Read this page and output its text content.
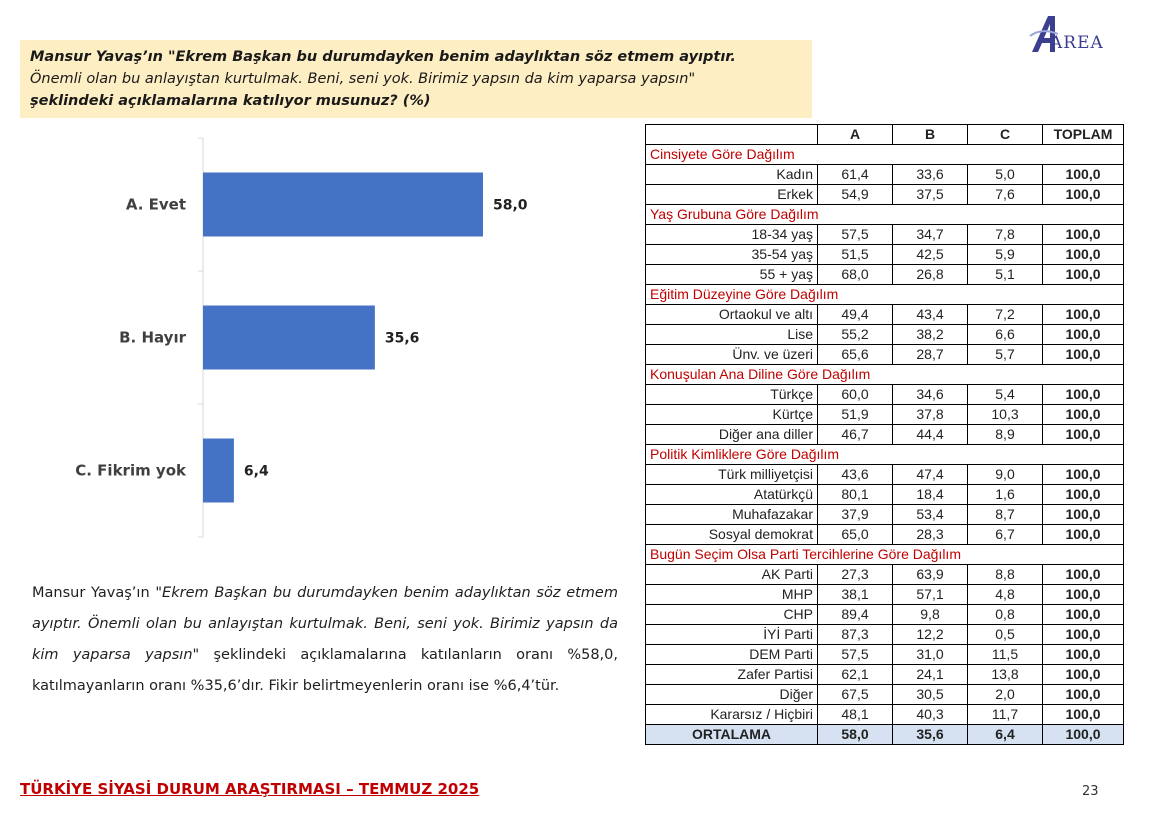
Mansur Yavaş’ın "Ekrem Başkan bu durumdayken benim adaylıktan söz etmem ayıptır.
Önemli olan bu anlayıştan kurtulmak. Beni, seni yok. Birimiz yapsın da kim yaparsa yapsın"
şeklindeki açıklamalarına katılıyor musunuz? (%)
AREA
A. Evet	58,0
B. Hayır	35,6
C. Fikrim yok	6,4
Mansur Yavaş’ın "Ekrem Başkan bu durumdayken benim adaylıktan söz etmem ayıptır. Önemli olan bu anlayıştan kurtulmak. Beni, seni yok. Birimiz yapsın da kim yaparsa yapsın" şeklindeki açıklamalarına katılanların oranı %58,0, katılmayanların oranı %35,6’dır. Fikir belirtmeyenlerin oranı ise %6,4’tür.
	A	B	C	TOPLAM
Cinsiyete Göre Dağılım				
Kadın	61,4	33,6	5,0	100,0
Erkek	54,9	37,5	7,6	100,0
Yaş Grubuna Göre Dağılım				
18-34 yaş	57,5	34,7	7,8	100,0
35-54 yaş	51,5	42,5	5,9	100,0
55 + yaş	68,0	26,8	5,1	100,0
Eğitim Düzeyine Göre Dağılım				
Ortaokul ve altı	49,4	43,4	7,2	100,0
Lise	55,2	38,2	6,6	100,0
Ünv. ve üzeri	65,6	28,7	5,7	100,0
Konuşulan Ana Diline Göre Dağılım				
Türkçe	60,0	34,6	5,4	100,0
Kürtçe	51,9	37,8	10,3	100,0
Diğer ana diller	46,7	44,4	8,9	100,0
Politik Kimliklere Göre Dağılım				
Türk milliyetçisi	43,6	47,4	9,0	100,0
Atatürkçü	80,1	18,4	1,6	100,0
Muhafazakar	37,9	53,4	8,7	100,0
Sosyal demokrat	65,0	28,3	6,7	100,0
Bugün Seçim Olsa Parti Tercihlerine Göre Dağılım				
AK Parti	27,3	63,9	8,8	100,0
MHP	38,1	57,1	4,8	100,0
CHP	89,4	9,8	0,8	100,0
İYİ Parti	87,3	12,2	0,5	100,0
DEM Parti	57,5	31,0	11,5	100,0
Zafer Partisi	62,1	24,1	13,8	100,0
Diğer	67,5	30,5	2,0	100,0
Kararsız / Hiçbiri	48,1	40,3	11,7	100,0
ORTALAMA	58,0	35,6	6,4	100,0
TÜRKİYE SİYASİ DURUM ARAŞTIRMASI – TEMMUZ 2025	23
